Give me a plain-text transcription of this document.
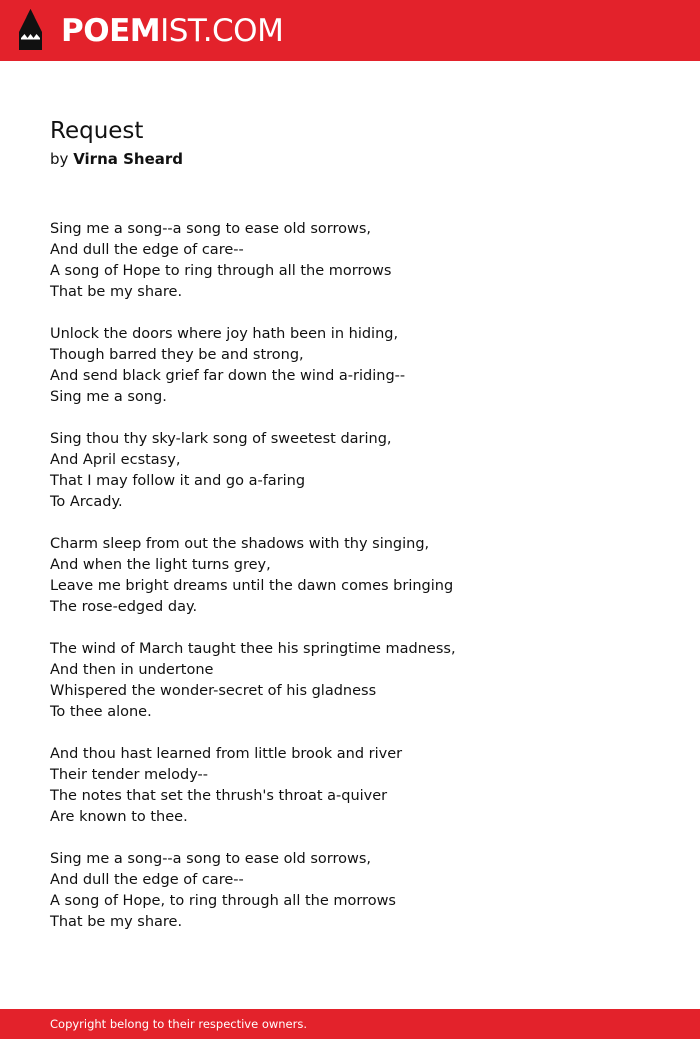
POEMIST.COM
Request
by Virna Sheard
Sing me a song--a song to ease old sorrows,
And dull the edge of care--
A song of Hope to ring through all the morrows
That be my share.
Unlock the doors where joy hath been in hiding,
Though barred they be and strong,
And send black grief far down the wind a-riding--
Sing me a song.
Sing thou thy sky-lark song of sweetest daring,
And April ecstasy,
That I may follow it and go a-faring
To Arcady.
Charm sleep from out the shadows with thy singing,
And when the light turns grey,
Leave me bright dreams until the dawn comes bringing
The rose-edged day.
The wind of March taught thee his springtime madness,
And then in undertone
Whispered the wonder-secret of his gladness
To thee alone.
And thou hast learned from little brook and river
Their tender melody--
The notes that set the thrush's throat a-quiver
Are known to thee.
Sing me a song--a song to ease old sorrows,
And dull the edge of care--
A song of Hope, to ring through all the morrows
That be my share.
Copyright belong to their respective owners.
